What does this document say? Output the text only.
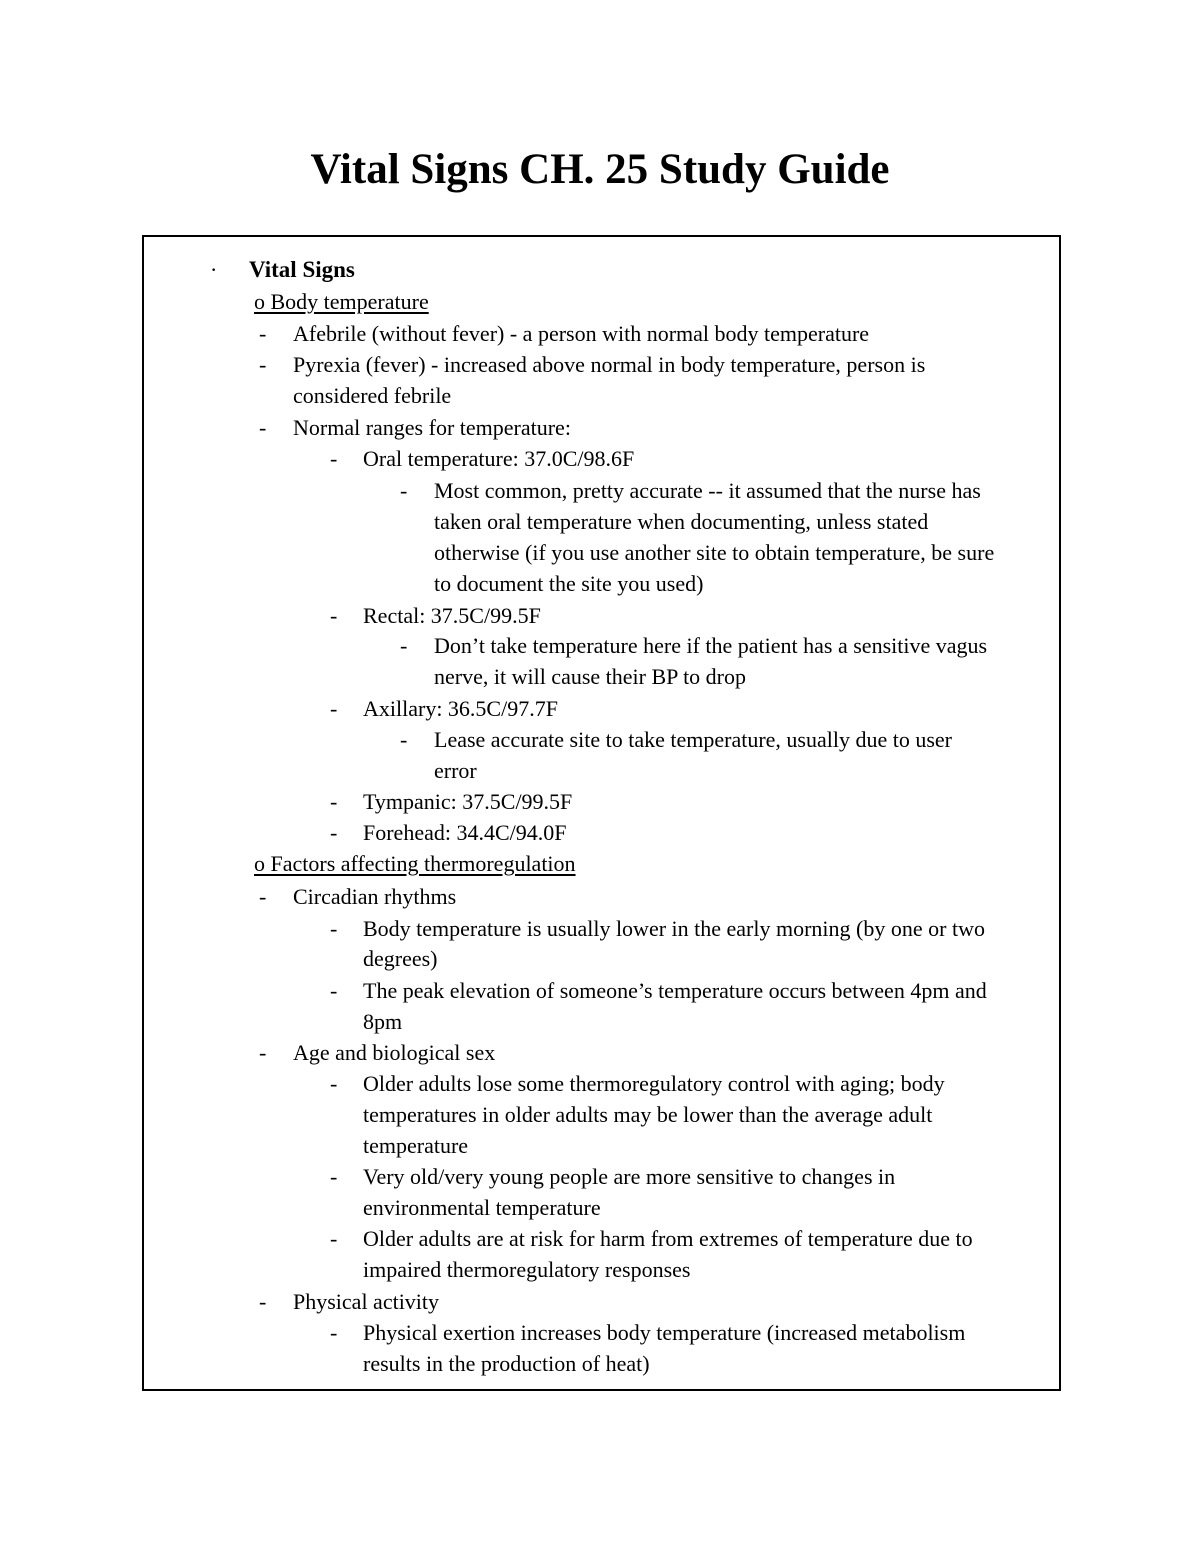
Vital Signs CH. 25 Study Guide
· Vital Signs
o Body temperature
- Afebrile (without fever) - a person with normal body temperature
- Pyrexia (fever) - increased above normal in body temperature, person is
considered febrile
- Normal ranges for temperature:
- Oral temperature: 37.0C/98.6F
- Most common, pretty accurate -- it assumed that the nurse has
taken oral temperature when documenting, unless stated
otherwise (if you use another site to obtain temperature, be sure
to document the site you used)
- Rectal: 37.5C/99.5F
- Don’t take temperature here if the patient has a sensitive vagus
nerve, it will cause their BP to drop
- Axillary: 36.5C/97.7F
- Lease accurate site to take temperature, usually due to user
error
- Tympanic: 37.5C/99.5F
- Forehead: 34.4C/94.0F
o Factors affecting thermoregulation
- Circadian rhythms
- Body temperature is usually lower in the early morning (by one or two
degrees)
- The peak elevation of someone’s temperature occurs between 4pm and
8pm
- Age and biological sex
- Older adults lose some thermoregulatory control with aging; body
temperatures in older adults may be lower than the average adult
temperature
- Very old/very young people are more sensitive to changes in
environmental temperature
- Older adults are at risk for harm from extremes of temperature due to
impaired thermoregulatory responses
- Physical activity
- Physical exertion increases body temperature (increased metabolism
results in the production of heat)
